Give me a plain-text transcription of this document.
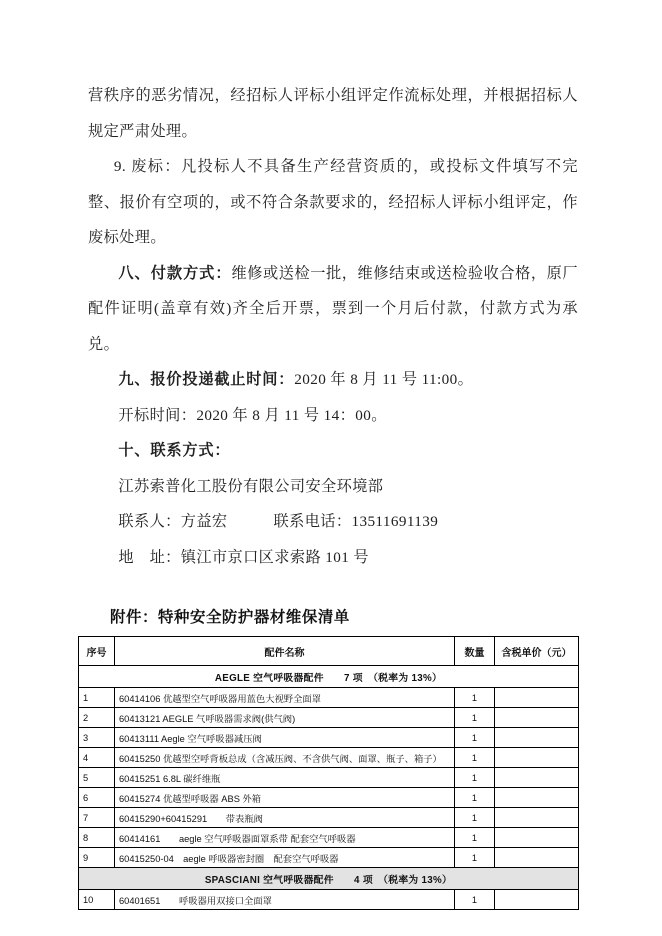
营秩序的恶劣情况，经招标人评标小组评定作流标处理，并根据招标人规定严肃处理。

9. 废标：凡投标人不具备生产经营资质的，或投标文件填写不完整、报价有空项的，或不符合条款要求的，经招标人评标小组评定，作废标处理。

八、付款方式：维修或送检一批，维修结束或送检验收合格，原厂配件证明(盖章有效)齐全后开票，票到一个月后付款，付款方式为承兑。

九、报价投递截止时间：2020 年 8 月 11 号 11:00。

开标时间：2020 年 8 月 11 号 14：00。

十、联系方式：

江苏索普化工股份有限公司安全环境部

联系人：方益宏	联系电话：13511691139

地　址：镇江市京口区求索路 101 号

附件：特种安全防护器材维保清单
序号	配件名称	数量	含税单价（元）
AEGLE 空气呼吸器配件　　7 项　（税率为 13%）			
1	60414106 优越型空气呼吸器用蓝色大视野全面罩	1	
2	60413121 AEGLE 气呼吸器需求阀(供气阀)	1	
3	60413111 Aegle 空气呼吸器减压阀	1	
4	60415250 优越型空呼背板总成（含减压阀、不含供气阀、面罩、瓶子、箱子）	1	
5	60415251 6.8L 碳纤维瓶	1	
6	60415274 优越型呼吸器 ABS 外箱	1	
7	60415290+60415291　　带表瓶阀	1	
8	60414161　　aegle 空气呼吸器面罩系带 配套空气呼吸器	1	
9	60415250-04　aegle 呼吸器密封圈　配套空气呼吸器	1	
SPASCIANI 空气呼吸器配件　　4 项　（税率为 13%）			
10	60401651　　呼吸器用双接口全面罩	1	
